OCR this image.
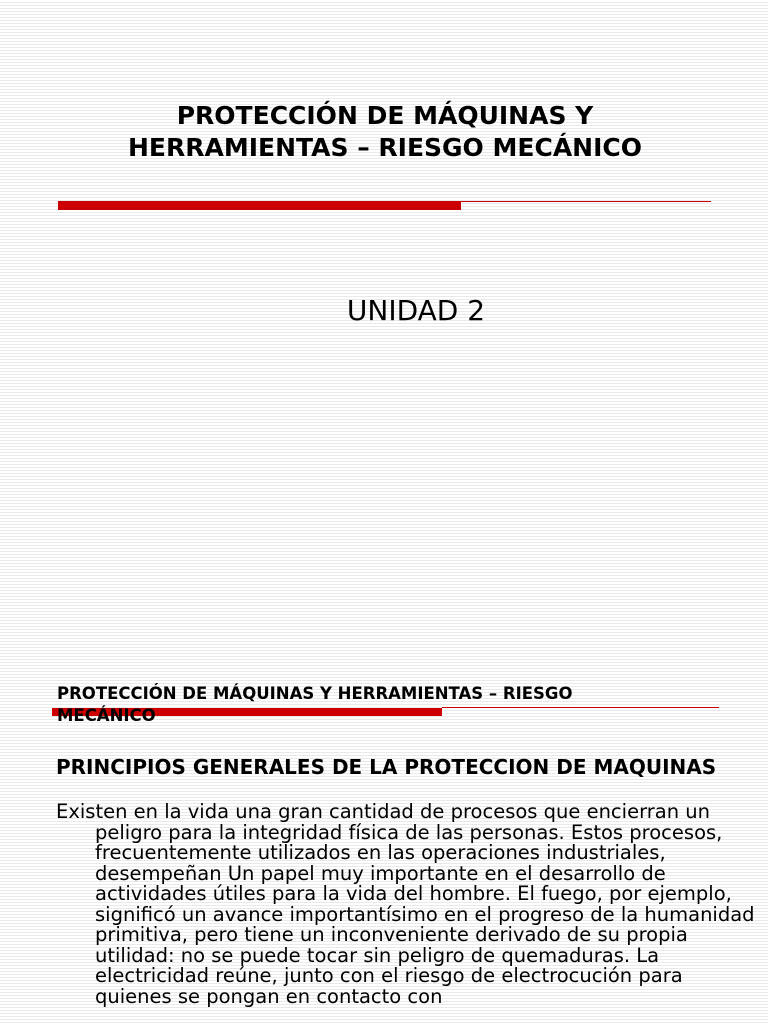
PROTECCIÓN DE MÁQUINAS Y
HERRAMIENTAS – RIESGO MECÁNICO
UNIDAD 2
PROTECCIÓN DE MÁQUINAS Y HERRAMIENTAS – RIESGO
MECÁNICO

PRINCIPIOS GENERALES DE LA PROTECCION DE MAQUINAS

Existen en la vida una gran cantidad de procesos que encierran un peligro para la integridad física de las personas. Estos procesos, frecuentemente utilizados en las operaciones industriales, desempeñan Un papel muy importante en el desarrollo de actividades útiles para la vida del hombre. El fuego, por ejemplo, significó un avance importantísimo en el progreso de la humanidad primitiva, pero tiene un inconveniente derivado de su propia utilidad: no se puede tocar sin peligro de quemaduras. La electricidad reúne, junto con el riesgo de electrocución para quienes se pongan en contacto con
